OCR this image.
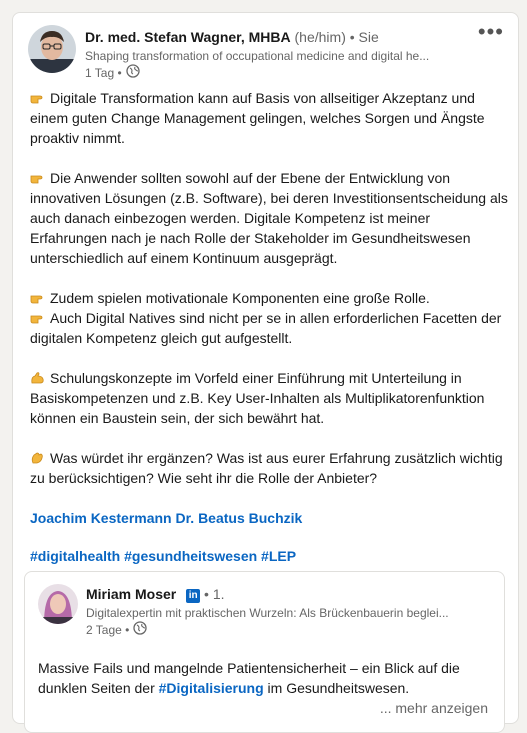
Dr. med. Stefan Wagner, MHBA (he/him) • Sie
Shaping transformation of occupational medicine and digital he...
1 Tag •
•••
Digitale Transformation kann auf Basis von allseitiger Akzeptanz und einem guten Change Management gelingen, welches Sorgen und Ängste proaktiv nimmt.
Die Anwender sollten sowohl auf der Ebene der Entwicklung von innovativen Lösungen (z.B. Software), bei deren Investitionsentscheidung als auch danach einbezogen werden. Digitale Kompetenz ist meiner Erfahrungen nach je nach Rolle der Stakeholder im Gesundheitswesen unterschiedlich auf einem Kontinuum ausgeprägt.
Zudem spielen motivationale Komponenten eine große Rolle.
Auch Digital Natives sind nicht per se in allen erforderlichen Facetten der digitalen Kompetenz gleich gut aufgestellt.
Schulungskonzepte im Vorfeld einer Einführung mit Unterteilung in Basiskompetenzen und z.B. Key User-Inhalten als Multiplikatorenfunktion können ein Baustein sein, der sich bewährt hat.
Was würdet ihr ergänzen? Was ist aus eurer Erfahrung zusätzlich wichtig zu berücksichtigen? Wie seht ihr die Rolle der Anbieter?
Joachim Kestermann Dr. Beatus Buchzik
#digitalhealth #gesundheitswesen #LEP
Miriam Moser in • 1.
Digitalexpertin mit praktischen Wurzeln: Als Brückenbauerin beglei...
2 Tage •
Massive Fails und mangelnde Patientensicherheit – ein Blick auf die dunklen Seiten der #Digitalisierung im Gesundheitswesen.
... mehr anzeigen
